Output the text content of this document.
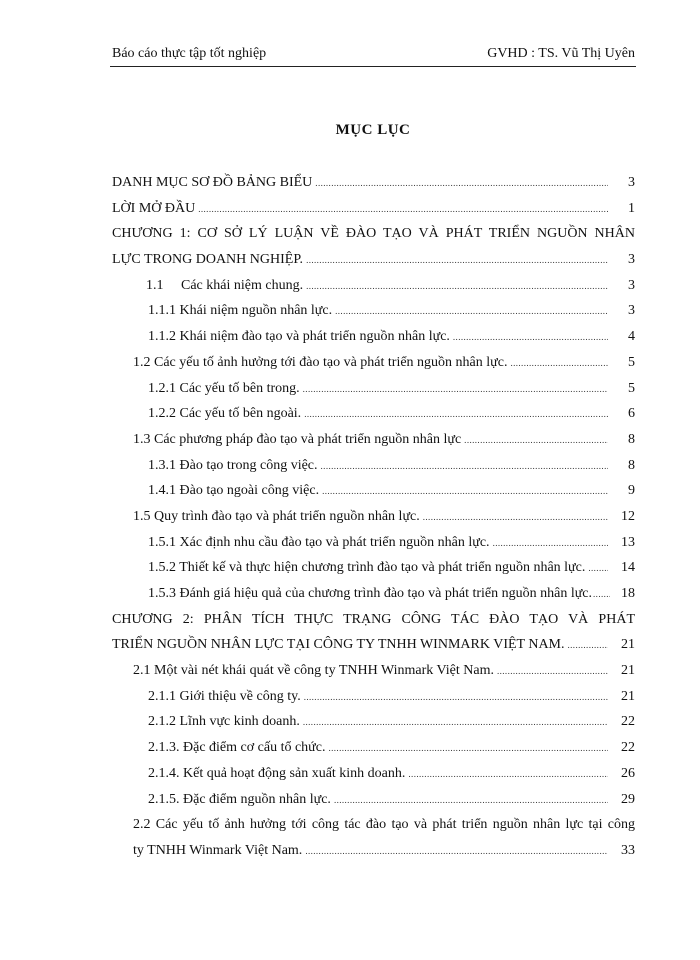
Báo cáo thực tập tốt nghiệp	GVHD : TS. Vũ Thị Uyên
MỤC LỤC
DANH MỤC SƠ ĐỒ BẢNG BIỂU .....	3
LỜI MỞ ĐẦU .....	1
CHƯƠNG 1: CƠ SỞ LÝ LUẬN VỀ ĐÀO TẠO VÀ PHÁT TRIỂN NGUỒN NHÂN
LỰC TRONG DOANH NGHIỆP. .....	3
1.1     Các khái niệm chung. .....	3
1.1.1 Khái niệm nguồn nhân lực. .....	3
1.1.2 Khái niệm đào tạo và phát triển nguồn nhân lực. .....	4
1.2 Các yếu tố ảnh hưởng tới đào tạo và phát triển nguồn nhân lực. .....	5
1.2.1 Các yếu tố bên trong. .....	5
1.2.2 Các yếu tố bên ngoài. .....	6
1.3 Các phương pháp đào tạo và phát triển nguồn nhân lực .....	8
1.3.1 Đào tạo trong công việc. .....	8
1.4.1 Đào tạo ngoài công việc. .....	9
1.5 Quy trình đào tạo và phát triển nguồn nhân lực. .....	12
1.5.1 Xác định nhu cầu đào tạo và phát triển nguồn nhân lực. .....	13
1.5.2 Thiết kế và thực hiện chương trình đào tạo và phát triển nguồn nhân lực. .....	14
1.5.3 Đánh giá hiệu quả của chương trình đào tạo và phát triển nguồn nhân lực. .....	18
CHƯƠNG 2: PHÂN TÍCH THỰC TRẠNG CÔNG TÁC ĐÀO TẠO VÀ PHÁT
TRIỂN NGUỒN NHÂN LỰC TẠI CÔNG TY TNHH WINMARK VIỆT NAM. .....	21
2.1 Một vài nét khái quát về công ty TNHH Winmark Việt Nam. .....	21
2.1.1 Giới thiệu về công ty. .....	21
2.1.2 Lĩnh vực kinh doanh. .....	22
2.1.3. Đặc điểm cơ cấu tổ chức. .....	22
2.1.4. Kết quả hoạt động sản xuất kinh doanh. .....	26
2.1.5. Đặc điểm nguồn nhân lực. .....	29
2.2 Các yếu tố ảnh hưởng tới công tác đào tạo và phát triển nguồn nhân lực tại công
ty TNHH Winmark Việt Nam. .....	33
